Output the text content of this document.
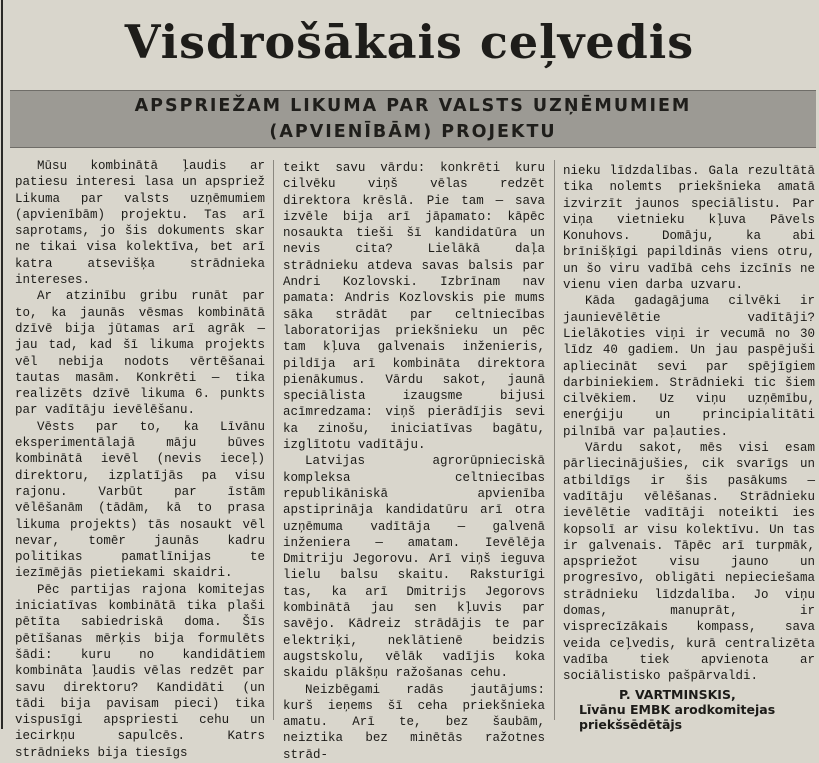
Visdrošākais ceļvedis
APSPRIEŽAM LIKUMA PAR VALSTS UZŅĒMUMIEM
(APVIENĪBĀM) PROJEKTU

Mūsu kombinātā ļaudis ar patiesu interesi lasa un apspriež Likuma par valsts uzņēmumiem (apvienībām) projektu. Tas arī saprotams, jo šis dokuments skar ne tikai visa kolektīva, bet arī katra atsevišķa strādnieka intereses.

Ar atzinību gribu runāt par to, ka jaunās vēsmas kombinātā dzīvē bija jūtamas arī agrāk — jau tad, kad šī likuma projekts vēl nebija nodots vērtēšanai tautas masām. Konkrēti — tika realizēts dzīvē likuma 6. punkts par vadītāju ievēlēšanu.

Vēsts par to, ka Līvānu eksperimentālajā māju būves kombinātā ievēl (nevis ieceļ) direktoru, izplatījās pa visu rajonu. Varbūt par īstām vēlēšanām (tādām, kā to prasa likuma projekts) tās nosaukt vēl nevar, tomēr jaunās kadru politikas pamatlīnijas te iezīmējās pietiekami skaidri.

Pēc partijas rajona komitejas iniciatīvas kombinātā tika plaši pētīta sabiedriskā doma. Šīs pētīšanas mērķis bija formulēts šādi: kuru no kandidātiem kombināta ļaudis vēlas redzēt par savu direktoru? Kandidāti (un tādi bija pavisam pieci) tika vispusīgi apspriesti cehu un iecirkņu sapulcēs. Katrs strādnieks bija tiesīgs

teikt savu vārdu: konkrēti kuru cilvēku viņš vēlas redzēt direktora krēslā. Pie tam — sava izvēle bija arī jāpamato: kāpēc nosaukta tieši šī kandidatūra un nevis cita? Lielākā daļa strādnieku atdeva savas balsis par Andri Kozlovski. Izbrīnam nav pamata: Andris Kozlovskis pie mums sāka strādāt par celtniecības laboratorijas priekšnieku un pēc tam kļuva galvenais inženieris, pildīja arī kombināta direktora pienākumus. Vārdu sakot, jaunā speciālista izaugsme bijusi acīmredzama: viņš pierādījis sevi ka zinošu, iniciatīvas bagātu, izglītotu vadītāju.

Latvijas agrorūpnieciskā kompleksa celtniecības republikāniskā apvienība apstiprināja kandidatūru arī otra uzņēmuma vadītāja — galvenā inženiera — amatam. Ievēlēja Dmitriju Jegorovu. Arī viņš ieguva lielu balsu skaitu. Raksturīgi tas, ka arī Dmitrijs Jegorovs kombinātā jau sen kļuvis par savējo. Kādreiz strādājis te par elektriķi, neklātienē beidzis augstskolu, vēlāk vadījis koka skaidu plākšņu ražošanas cehu.

Neizbēgami radās jautājums: kurš ieņems šī ceha priekšnieka amatu. Arī te, bez šaubām, neiztika bez minētās ražotnes strād-

nieku līdzdalības. Gala rezultātā tika nolemts priekšnieka amatā izvirzīt jaunos speciālistu. Par viņa vietnieku kļuva Pāvels Konuhovs. Domāju, ka abi brīnišķīgi papildinās viens otru, un šo viru vadībā cehs izcīnīs ne vienu vien darba uzvaru.

Kāda gadagājuma cilvēki ir jaunievēlētie vadītāji? Lielākoties viņi ir vecumā no 30 līdz 40 gadiem. Un jau paspējuši apliecināt sevi par spējīgiem darbiniekiem. Strādnieki tic šiem cilvēkiem. Uz viņu uzņēmību, enerģiju un principialitāti pilnībā var paļauties.

Vārdu sakot, mēs visi esam pārliecinājušies, cik svarīgs un atbildīgs ir šis pasākums — vadītāju vēlēšanas. Strādnieku ievēlētie vadītāji noteikti ies kopsolī ar visu kolektīvu. Un tas ir galvenais. Tāpēc arī turpmāk, apspriežot visu jauno un progresīvo, obligāti nepieciešama strādnieku līdzdalība. Jo viņu domas, manuprāt, ir visprecīzākais kompass, sava veida ceļvedis, kurā centralizēta vadība tiek apvienota ar sociālistisko pašpārvaldi.

P. VARTMINSKIS,

Līvānu EMBK arodkomitejas

priekšsēdētājs
